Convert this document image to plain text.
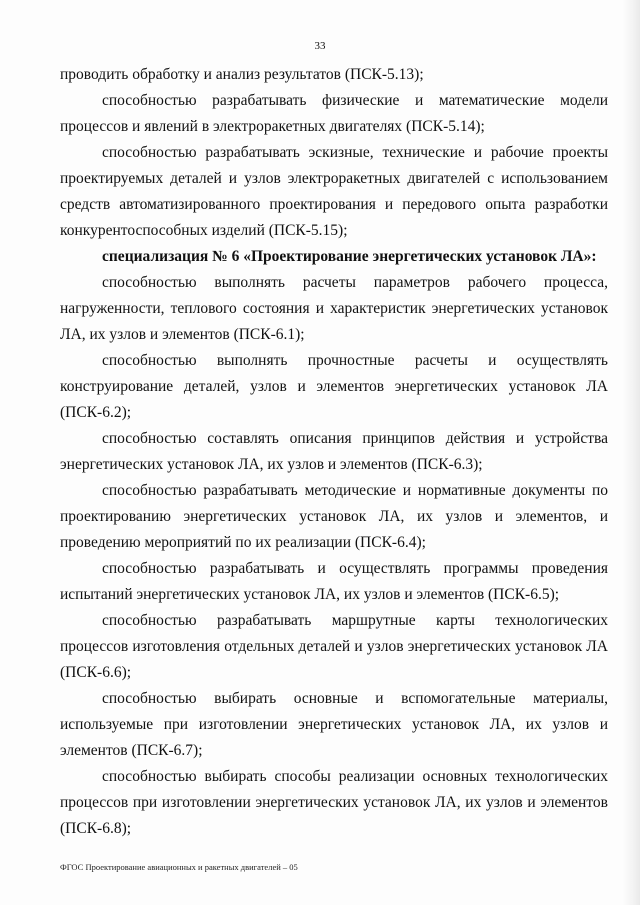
33

проводить обработку и анализ результатов (ПСК-5.13);

способностью разрабатывать физические и математические модели процессов и явлений в электроракетных двигателях (ПСК-5.14);

способностью разрабатывать эскизные, технические и рабочие проекты проектируемых деталей и узлов электроракетных двигателей с использованием средств автоматизированного проектирования и передового опыта разработки конкурентоспособных изделий (ПСК-5.15);

специализация № 6 «Проектирование энергетических установок ЛА»:

способностью выполнять расчеты параметров рабочего процесса, нагруженности, теплового состояния и характеристик энергетических установок ЛА, их узлов и элементов (ПСК-6.1);

способностью выполнять прочностные расчеты и осуществлять конструирование деталей, узлов и элементов энергетических установок ЛА (ПСК-6.2);

способностью составлять описания принципов действия и устройства энергетических установок ЛА, их узлов и элементов (ПСК-6.3);

способностью разрабатывать методические и нормативные документы по проектированию энергетических установок ЛА, их узлов и элементов, и проведению мероприятий по их реализации (ПСК-6.4);

способностью разрабатывать и осуществлять программы проведения испытаний энергетических установок ЛА, их узлов и элементов (ПСК-6.5);

способностью разрабатывать маршрутные карты технологических процессов изготовления отдельных деталей и узлов энергетических установок ЛА (ПСК-6.6);

способностью выбирать основные и вспомогательные материалы, используемые при изготовлении энергетических установок ЛА, их узлов и элементов (ПСК-6.7);

способностью выбирать способы реализации основных технологических процессов при изготовлении энергетических установок ЛА, их узлов и элементов (ПСК-6.8);

ФГОС Проектирование авиационных и ракетных двигателей – 05
